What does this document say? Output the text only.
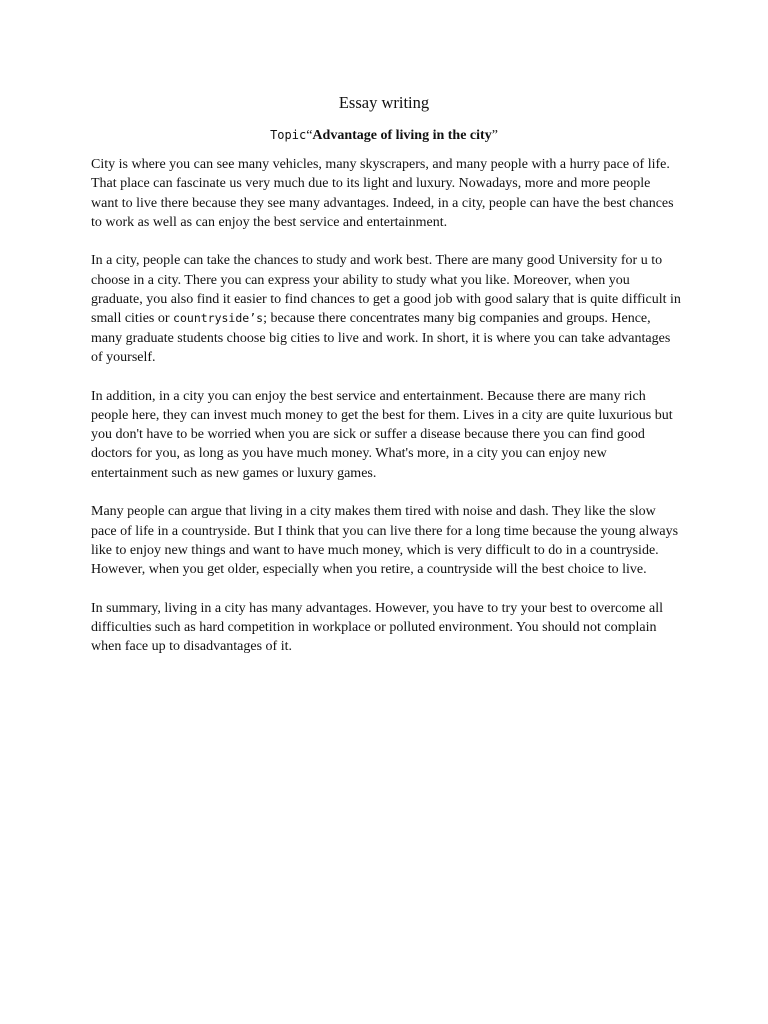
Essay writing
Topic“Advantage of living in the city”

City is where you can see many vehicles, many skyscrapers, and many people with a hurry pace of life. That place can fascinate us very much due to its light and luxury. Nowadays, more and more people want to live there because they see many advantages. Indeed, in a city, people can have the best chances to work as well as can enjoy the best service and entertainment.

In a city, people can take the chances to study and work best. There are many good University for u to choose in a city. There you can express your ability to study what you like. Moreover, when you graduate, you also find it easier to find chances to get a good job with good salary that is quite difficult in small cities or countryside’s; because there concentrates many big companies and groups. Hence, many graduate students choose big cities to live and work. In short, it is where you can take advantages of yourself.

In addition, in a city you can enjoy the best service and entertainment. Because there are many rich people here, they can invest much money to get the best for them. Lives in a city are quite luxurious but you don't have to be worried when you are sick or suffer a disease because there you can find good doctors for you, as long as you have much money. What's more, in a city you can enjoy new entertainment such as new games or luxury games.

Many people can argue that living in a city makes them tired with noise and dash. They like the slow pace of life in a countryside. But I think that you can live there for a long time because the young always like to enjoy new things and want to have much money, which is very difficult to do in a countryside. However, when you get older, especially when you retire, a countryside will the best choice to live.

In summary, living in a city has many advantages. However, you have to try your best to overcome all difficulties such as hard competition in workplace or polluted environment. You should not complain when face up to disadvantages of it.
